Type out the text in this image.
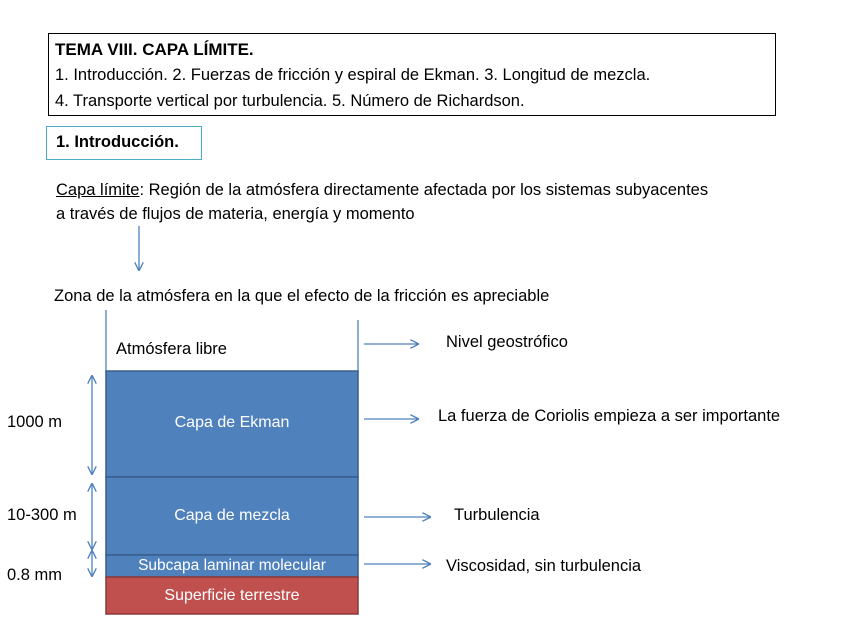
TEMA VIII. CAPA LÍMITE.
1. Introducción. 2. Fuerzas de fricción y espiral de Ekman. 3. Longitud de mezcla.
4. Transporte vertical por turbulencia. 5. Número de Richardson.
1. Introducción.
Capa límite: Región de la atmósfera directamente afectada por los sistemas subyacentes
a través de flujos de materia, energía y momento
Zona de la atmósfera en la que el efecto de la fricción es apreciable
Atmósfera libre
Capa de Ekman
Capa de mezcla
Subcapa laminar molecular
Superficie terrestre
1000 m
10-300 m
0.8 mm
Nivel geostrófico
La fuerza de Coriolis empieza a ser importante
Turbulencia
Viscosidad, sin turbulencia
